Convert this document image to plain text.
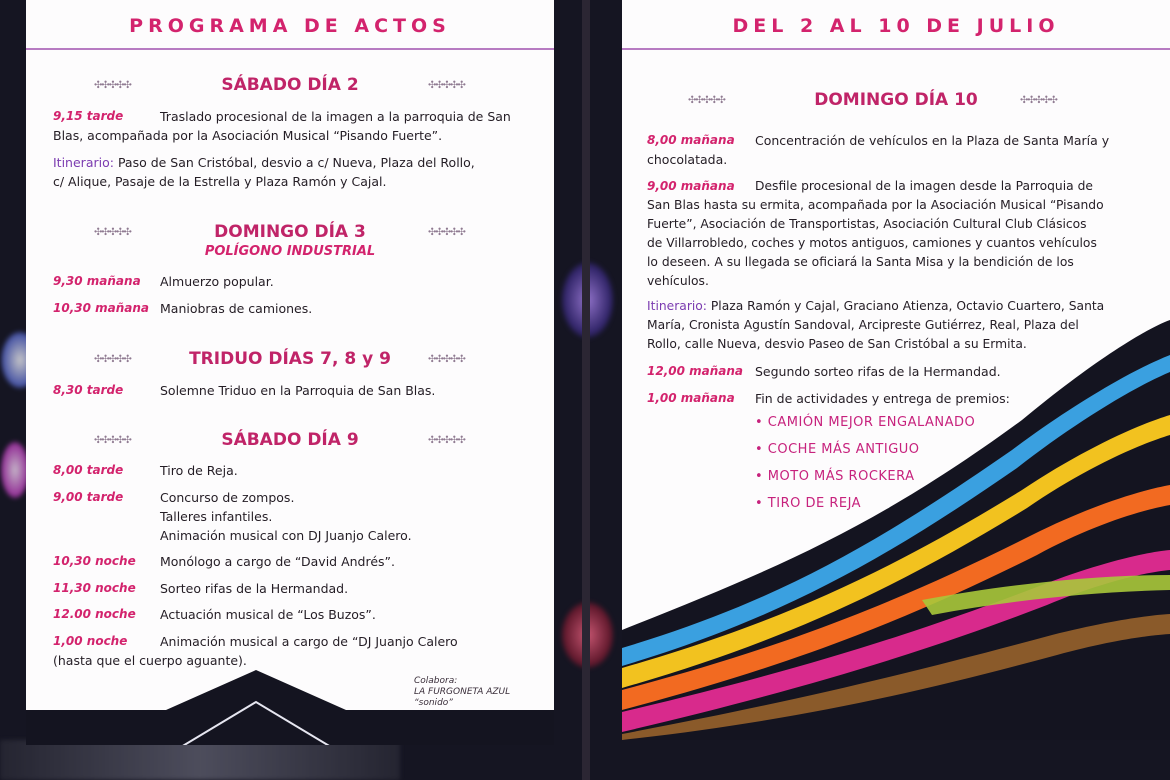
PROGRAMA DE ACTOS
✣✣✣✣✣	✣✣✣✣✣
SÁBADO DÍA 2
9,15 tarde	Traslado procesional de la imagen a la parroquia de San
Blas, acompañada por la Asociación Musical “Pisando Fuerte”.
Itinerario: Paso de San Cristóbal, desvio a c/ Nueva, Plaza del Rollo,
c/ Alique, Pasaje de la Estrella y Plaza Ramón y Cajal.
✣✣✣✣✣	✣✣✣✣✣
DOMINGO DÍA 3
POLÍGONO INDUSTRIAL
9,30 mañana Almuerzo popular.
10,30 mañana Maniobras de camiones.
✣✣✣✣✣	✣✣✣✣✣
TRIDUO DÍAS 7, 8 y 9
8,30 tarde	Solemne Triduo en la Parroquia de San Blas.
✣✣✣✣✣	✣✣✣✣✣
SÁBADO DÍA 9
8,00 tarde	Tiro de Reja.
9,00 tarde	Concurso de zompos.
Talleres infantiles.
Animación musical con DJ Juanjo Calero.
10,30 noche Monólogo a cargo de “David Andrés”.
11,30 noche Sorteo rifas de la Hermandad.
12.00 noche Actuación musical de “Los Buzos”.
1,00 noche	Animación musical a cargo de “DJ Juanjo Calero
(hasta que el cuerpo aguante).
Colabora:
LA FURGONETA AZUL
“sonido”
DEL 2 AL 10 DE JULIO
✣✣✣✣✣	✣✣✣✣✣
DOMINGO DÍA 10
8,00 mañana Concentración de vehículos en la Plaza de Santa María y
chocolatada.
9,00 mañana Desfile procesional de la imagen desde la Parroquia de
San Blas hasta su ermita, acompañada por la Asociación Musical “Pisando
Fuerte”, Asociación de Transportistas, Asociación Cultural Club Clásicos
de Villarrobledo, coches y motos antiguos, camiones y cuantos vehículos
lo deseen. A su llegada se oficiará la Santa Misa y la bendición de los
vehículos.
Itinerario: Plaza Ramón y Cajal, Graciano Atienza, Octavio Cuartero, Santa
María, Cronista Agustín Sandoval, Arcipreste Gutiérrez, Real, Plaza del
Rollo, calle Nueva, desvio Paseo de San Cristóbal a su Ermita.
12,00 mañana Segundo sorteo rifas de la Hermandad.
1,00 mañana Fin de actividades y entrega de premios:
• CAMIÓN MEJOR ENGALANADO
• COCHE MÁS ANTIGUO
• MOTO MÁS ROCKERA
• TIRO DE REJA
